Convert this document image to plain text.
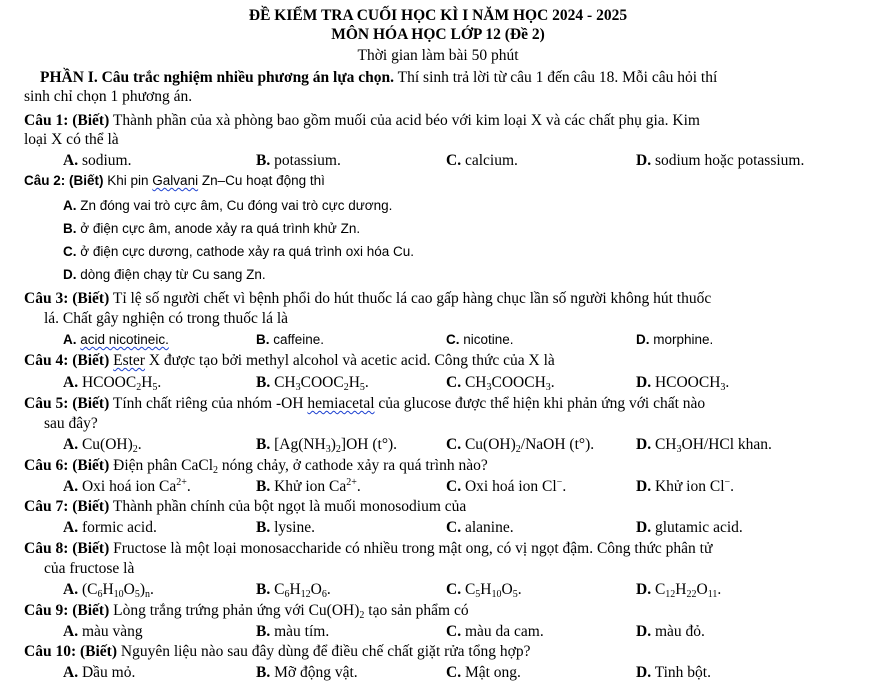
ĐỀ KIỂM TRA CUỐI HỌC KÌ I NĂM HỌC 2024 - 2025
MÔN HÓA HỌC LỚP 12 (Đề 2)
Thời gian làm bài 50 phút
PHẦN I. Câu trắc nghiệm nhiều phương án lựa chọn. Thí sinh trả lời từ câu 1 đến câu 18. Mỗi câu hỏi thí
sinh chỉ chọn 1 phương án.
Câu 1: (Biết) Thành phần của xà phòng bao gồm muối của acid béo với kim loại X và các chất phụ gia. Kim
loại X có thể là
A. sodium.	B. potassium.	C. calcium.	D. sodium hoặc potassium.
Câu 2: (Biết) Khi pin Galvani Zn–Cu hoạt động thì
A. Zn đóng vai trò cực âm, Cu đóng vai trò cực dương.
B. ở điện cực âm, anode xảy ra quá trình khử Zn.
C. ở điện cực dương, cathode xảy ra quá trình oxi hóa Cu.
D. dòng điện chạy từ Cu sang Zn.
Câu 3: (Biết) Tỉ lệ số người chết vì bệnh phổi do hút thuốc lá cao gấp hàng chục lần số người không hút thuốc
lá. Chất gây nghiện có trong thuốc lá là
A. acid nicotineic.	B. caffeine.	C. nicotine.	D. morphine.
Câu 4: (Biết) Ester X được tạo bởi methyl alcohol và acetic acid. Công thức của X là
A. $HCOOC_2H_5$.	B. $CH_3COOC_2H_5$.	C. $CH_3COOCH_3$.	D. $HCOOCH_3$.
Câu 5: (Biết) Tính chất riêng của nhóm -OH hemiacetal của glucose được thể hiện khi phản ứng với chất nào
sau đây?
A. $Cu(OH)_2$.	B. $[Ag(NH_3)_2]OH$ (t°).	C. $Cu(OH)_2$/NaOH (t°).	D. $CH_3OH$/HCl khan.
Câu 6: (Biết) Điện phân CaCl$_2$ nóng chảy, ở cathode xảy ra quá trình nào?
A. Oxi hoá ion $Ca^{2+}$.	B. Khử ion $Ca^{2+}$.	C. Oxi hoá ion Cl−.	D. Khử ion Cl−.
Câu 7: (Biết) Thành phần chính của bột ngọt là muối monosodium của
A. formic acid.	B. lysine.	C. alanine.	D. glutamic acid.
Câu 8: (Biết) Fructose là một loại monosaccharide có nhiều trong mật ong, có vị ngọt đậm. Công thức phân tử
của fructose là
A. $(C_6H_{10}O_5)_n$.	B. $C_6H_{12}O_6$.	C. $C_5H_{10}O_5$.	D. $C_{12}H_{22}O_{11}$.
Câu 9: (Biết) Lòng trắng trứng phản ứng với $Cu(OH)_2$ tạo sản phẩm có
A. màu vàng	B. màu tím.	C. màu da cam.	D. màu đỏ.
Câu 10: (Biết) Nguyên liệu nào sau đây dùng để điều chế chất giặt rửa tổng hợp?
A. Dầu mỏ.	B. Mỡ động vật.	C. Mật ong.	D. Tinh bột.
